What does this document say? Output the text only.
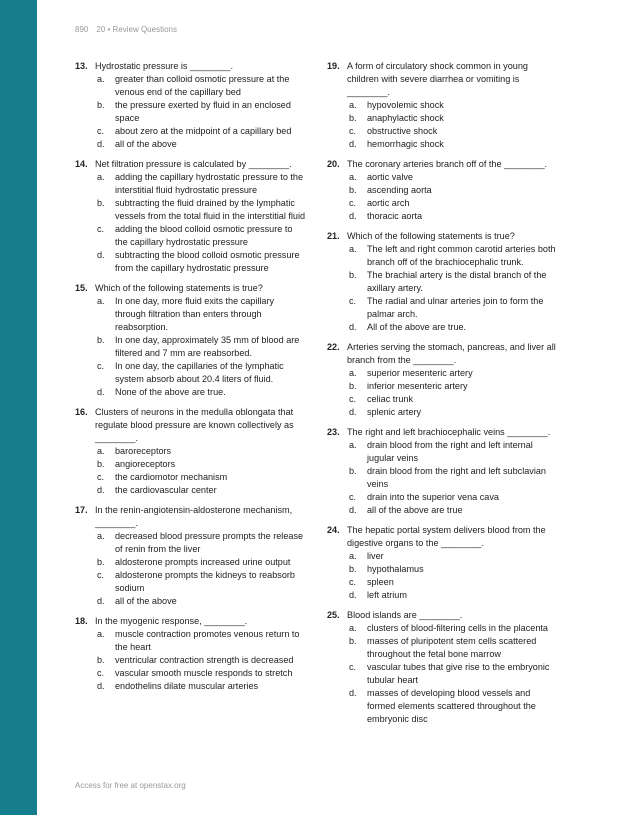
890 20 • Review Questions
13. Hydrostatic pressure is ________.
a.	greater than colloid osmotic pressure at the venous end of the capillary bed
b.	the pressure exerted by fluid in an enclosed space
c.	about zero at the midpoint of a capillary bed
d.	all of the above
14. Net filtration pressure is calculated by ________.
a.	adding the capillary hydrostatic pressure to the interstitial fluid hydrostatic pressure
b.	subtracting the fluid drained by the lymphatic vessels from the total fluid in the interstitial fluid
c.	adding the blood colloid osmotic pressure to the capillary hydrostatic pressure
d.	subtracting the blood colloid osmotic pressure from the capillary hydrostatic pressure
15. Which of the following statements is true?
a.	In one day, more fluid exits the capillary through filtration than enters through reabsorption.
b.	In one day, approximately 35 mm of blood are filtered and 7 mm are reabsorbed.
c.	In one day, the capillaries of the lymphatic system absorb about 20.4 liters of fluid.
d.	None of the above are true.
16. Clusters of neurons in the medulla oblongata that regulate blood pressure are known collectively as ________.
a.	baroreceptors
b.	angioreceptors
c.	the cardiomotor mechanism
d.	the cardiovascular center
17. In the renin-angiotensin-aldosterone mechanism, ________.
a.	decreased blood pressure prompts the release of renin from the liver
b.	aldosterone prompts increased urine output
c.	aldosterone prompts the kidneys to reabsorb sodium
d.	all of the above
18. In the myogenic response, ________.
a.	muscle contraction promotes venous return to the heart
b.	ventricular contraction strength is decreased
c.	vascular smooth muscle responds to stretch
d.	endothelins dilate muscular arteries
19. A form of circulatory shock common in young children with severe diarrhea or vomiting is ________.
a.	hypovolemic shock
b.	anaphylactic shock
c.	obstructive shock
d.	hemorrhagic shock
20. The coronary arteries branch off of the ________.
a.	aortic valve
b.	ascending aorta
c.	aortic arch
d.	thoracic aorta
21. Which of the following statements is true?
a.	The left and right common carotid arteries both branch off of the brachiocephalic trunk.
b.	The brachial artery is the distal branch of the axillary artery.
c.	The radial and ulnar arteries join to form the palmar arch.
d.	All of the above are true.
22. Arteries serving the stomach, pancreas, and liver all branch from the ________.
a.	superior mesenteric artery
b.	inferior mesenteric artery
c.	celiac trunk
d.	splenic artery
23. The right and left brachiocephalic veins ________.
a.	drain blood from the right and left internal jugular veins
b.	drain blood from the right and left subclavian veins
c.	drain into the superior vena cava
d.	all of the above are true
24. The hepatic portal system delivers blood from the digestive organs to the ________.
a.	liver
b.	hypothalamus
c.	spleen
d.	left atrium
25. Blood islands are ________.
a.	clusters of blood-filtering cells in the placenta
b.	masses of pluripotent stem cells scattered throughout the fetal bone marrow
c.	vascular tubes that give rise to the embryonic tubular heart
d.	masses of developing blood vessels and formed elements scattered throughout the embryonic disc
Access for free at openstax.org
